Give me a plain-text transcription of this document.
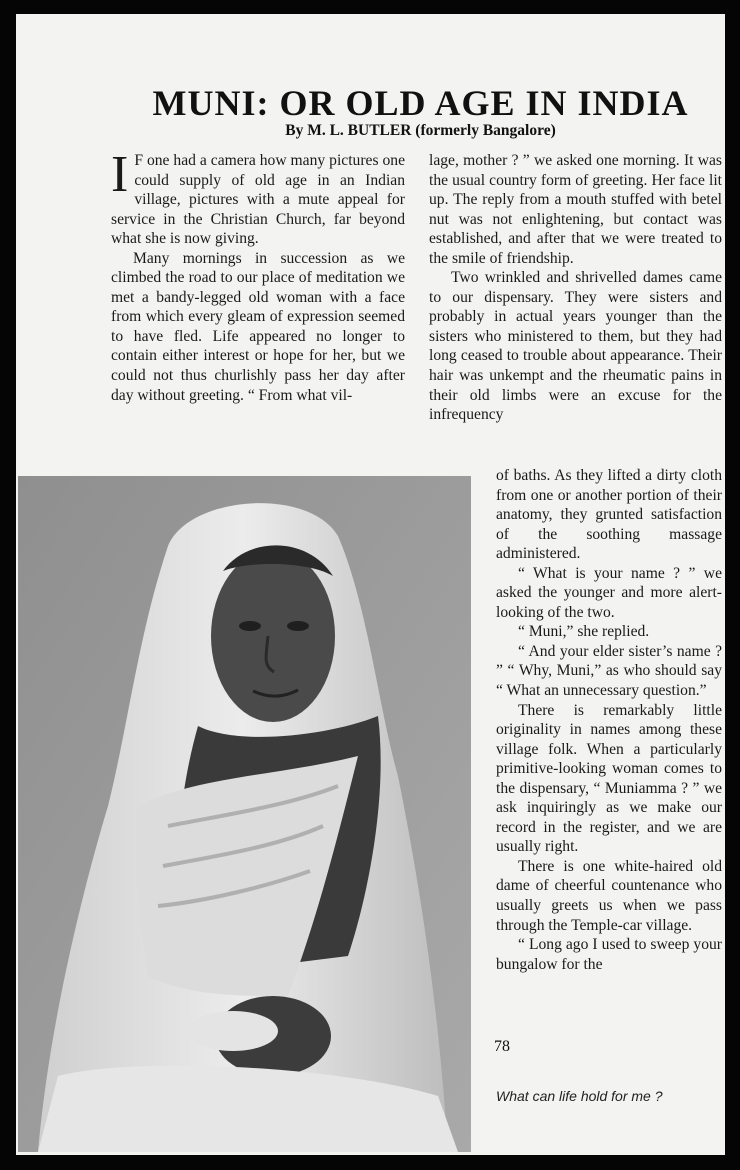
MUNI: OR OLD AGE IN INDIA
By M. L. BUTLER (formerly Bangalore)

I F one had a camera how many pictures one could supply of old age in an Indian village, pictures with a mute appeal for service in the Christian Church, far beyond what she is now giving.

Many mornings in succession as we climbed the road to our place of meditation we met a bandy-legged old woman with a face from which every gleam of expression seemed to have fled. Life appeared no longer to contain either interest or hope for her, but we could not thus churlishly pass her day after day without greeting. “ From what vil-

lage, mother ? ” we asked one morning. It was the usual country form of greeting. Her face lit up. The reply from a mouth stuffed with betel nut was not enlightening, but contact was established, and after that we were treated to the smile of friendship.

Two wrinkled and shrivelled dames came to our dispensary. They were sisters and probably in actual years younger than the sisters who ministered to them, but they had long ceased to trouble about appearance. Their hair was unkempt and the rheumatic pains in their old limbs were an excuse for the infrequency

of baths. As they lifted a dirty cloth from one or another portion of their anatomy, they grunted satisfaction of the soothing massage administered.

“ What is your name ? ” we asked the younger and more alert-looking of the two.

“ Muni,” she replied.

“ And your elder sister’s name ? ” “ Why, Muni,” as who should say “ What an unnecessary question.”

There is remarkably little originality in names among these village folk. When a particularly primitive-looking woman comes to the dispensary, “ Muniamma ? ” we ask inquiringly as we make our record in the register, and we are usually right.

There is one white-haired old dame of cheerful countenance who usually greets us when we pass through the Temple-car village.

“ Long ago I used to sweep your bungalow for the

78
What can life hold for me ?
